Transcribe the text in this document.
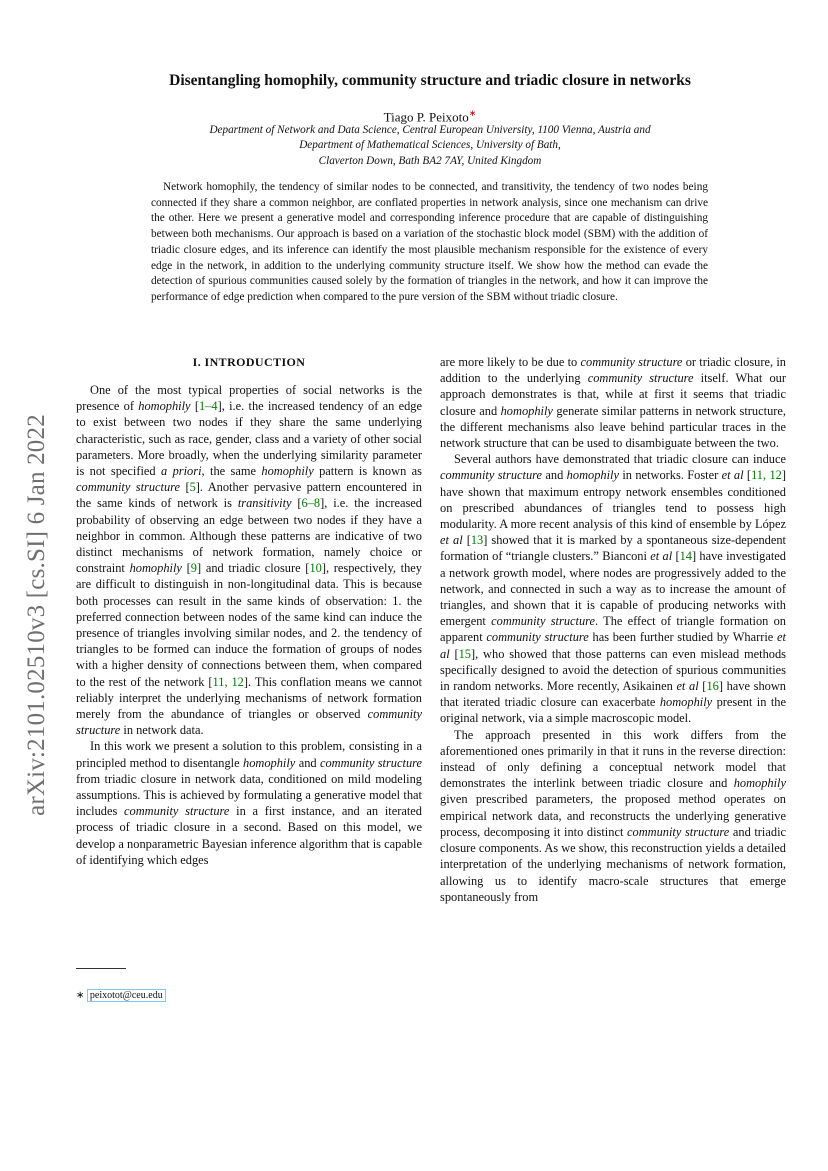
arXiv:2101.02510v3 [cs.SI] 6 Jan 2022
Disentangling homophily, community structure and triadic closure in networks
Tiago P. Peixoto∗
Department of Network and Data Science, Central European University, 1100 Vienna, Austria and
Department of Mathematical Sciences, University of Bath,
Claverton Down, Bath BA2 7AY, United Kingdom

Network homophily, the tendency of similar nodes to be connected, and transitivity, the tendency of two nodes being connected if they share a common neighbor, are conflated properties in network analysis, since one mechanism can drive the other. Here we present a generative model and corresponding inference procedure that are capable of distinguishing between both mechanisms. Our approach is based on a variation of the stochastic block model (SBM) with the addition of triadic closure edges, and its inference can identify the most plausible mechanism responsible for the existence of every edge in the network, in addition to the underlying community structure itself. We show how the method can evade the detection of spurious communities caused solely by the formation of triangles in the network, and how it can improve the performance of edge prediction when compared to the pure version of the SBM without triadic closure.

I. INTRODUCTION

One of the most typical properties of social networks is the presence of homophily [1–4], i.e. the increased tendency of an edge to exist between two nodes if they share the same underlying characteristic, such as race, gender, class and a variety of other social parameters. More broadly, when the underlying similarity parameter is not specified a priori, the same homophily pattern is known as community structure [5]. Another pervasive pattern encountered in the same kinds of network is transitivity [6–8], i.e. the increased probability of observing an edge between two nodes if they have a neighbor in common. Although these patterns are indicative of two distinct mechanisms of network formation, namely choice or constraint homophily [9] and triadic closure [10], respectively, they are difficult to distinguish in non-longitudinal data. This is because both processes can result in the same kinds of observation: 1. the preferred connection between nodes of the same kind can induce the presence of triangles involving similar nodes, and 2. the tendency of triangles to be formed can induce the formation of groups of nodes with a higher density of connections between them, when compared to the rest of the network [11, 12]. This conflation means we cannot reliably interpret the underlying mechanisms of network formation merely from the abundance of triangles or observed community structure in network data.

In this work we present a solution to this problem, consisting in a principled method to disentangle homophily and community structure from triadic closure in network data, conditioned on mild modeling assumptions. This is achieved by formulating a generative model that includes community structure in a first instance, and an iterated process of triadic closure in a second. Based on this model, we develop a nonparametric Bayesian inference algorithm that is capable of identifying which edges

are more likely to be due to community structure or triadic closure, in addition to the underlying community structure itself. What our approach demonstrates is that, while at first it seems that triadic closure and homophily generate similar patterns in network structure, the different mechanisms also leave behind particular traces in the network structure that can be used to disambiguate between the two.

Several authors have demonstrated that triadic closure can induce community structure and homophily in networks. Foster et al [11, 12] have shown that maximum entropy network ensembles conditioned on prescribed abundances of triangles tend to possess high modularity. A more recent analysis of this kind of ensemble by López et al [13] showed that it is marked by a spontaneous size-dependent formation of “triangle clusters.” Bianconi et al [14] have investigated a network growth model, where nodes are progressively added to the network, and connected in such a way as to increase the amount of triangles, and shown that it is capable of producing networks with emergent community structure. The effect of triangle formation on apparent community structure has been further studied by Wharrie et al [15], who showed that those patterns can even mislead methods specifically designed to avoid the detection of spurious communities in random networks. More recently, Asikainen et al [16] have shown that iterated triadic closure can exacerbate homophily present in the original network, via a simple macroscopic model.

The approach presented in this work differs from the aforementioned ones primarily in that it runs in the reverse direction: instead of only defining a conceptual network model that demonstrates the interlink between triadic closure and homophily given prescribed parameters, the proposed method operates on empirical network data, and reconstructs the underlying generative process, decomposing it into distinct community structure and triadic closure components. As we show, this reconstruction yields a detailed interpretation of the underlying mechanisms of network formation, allowing us to identify macro-scale structures that emerge spontaneously from

∗ peixotot@ceu.edu
